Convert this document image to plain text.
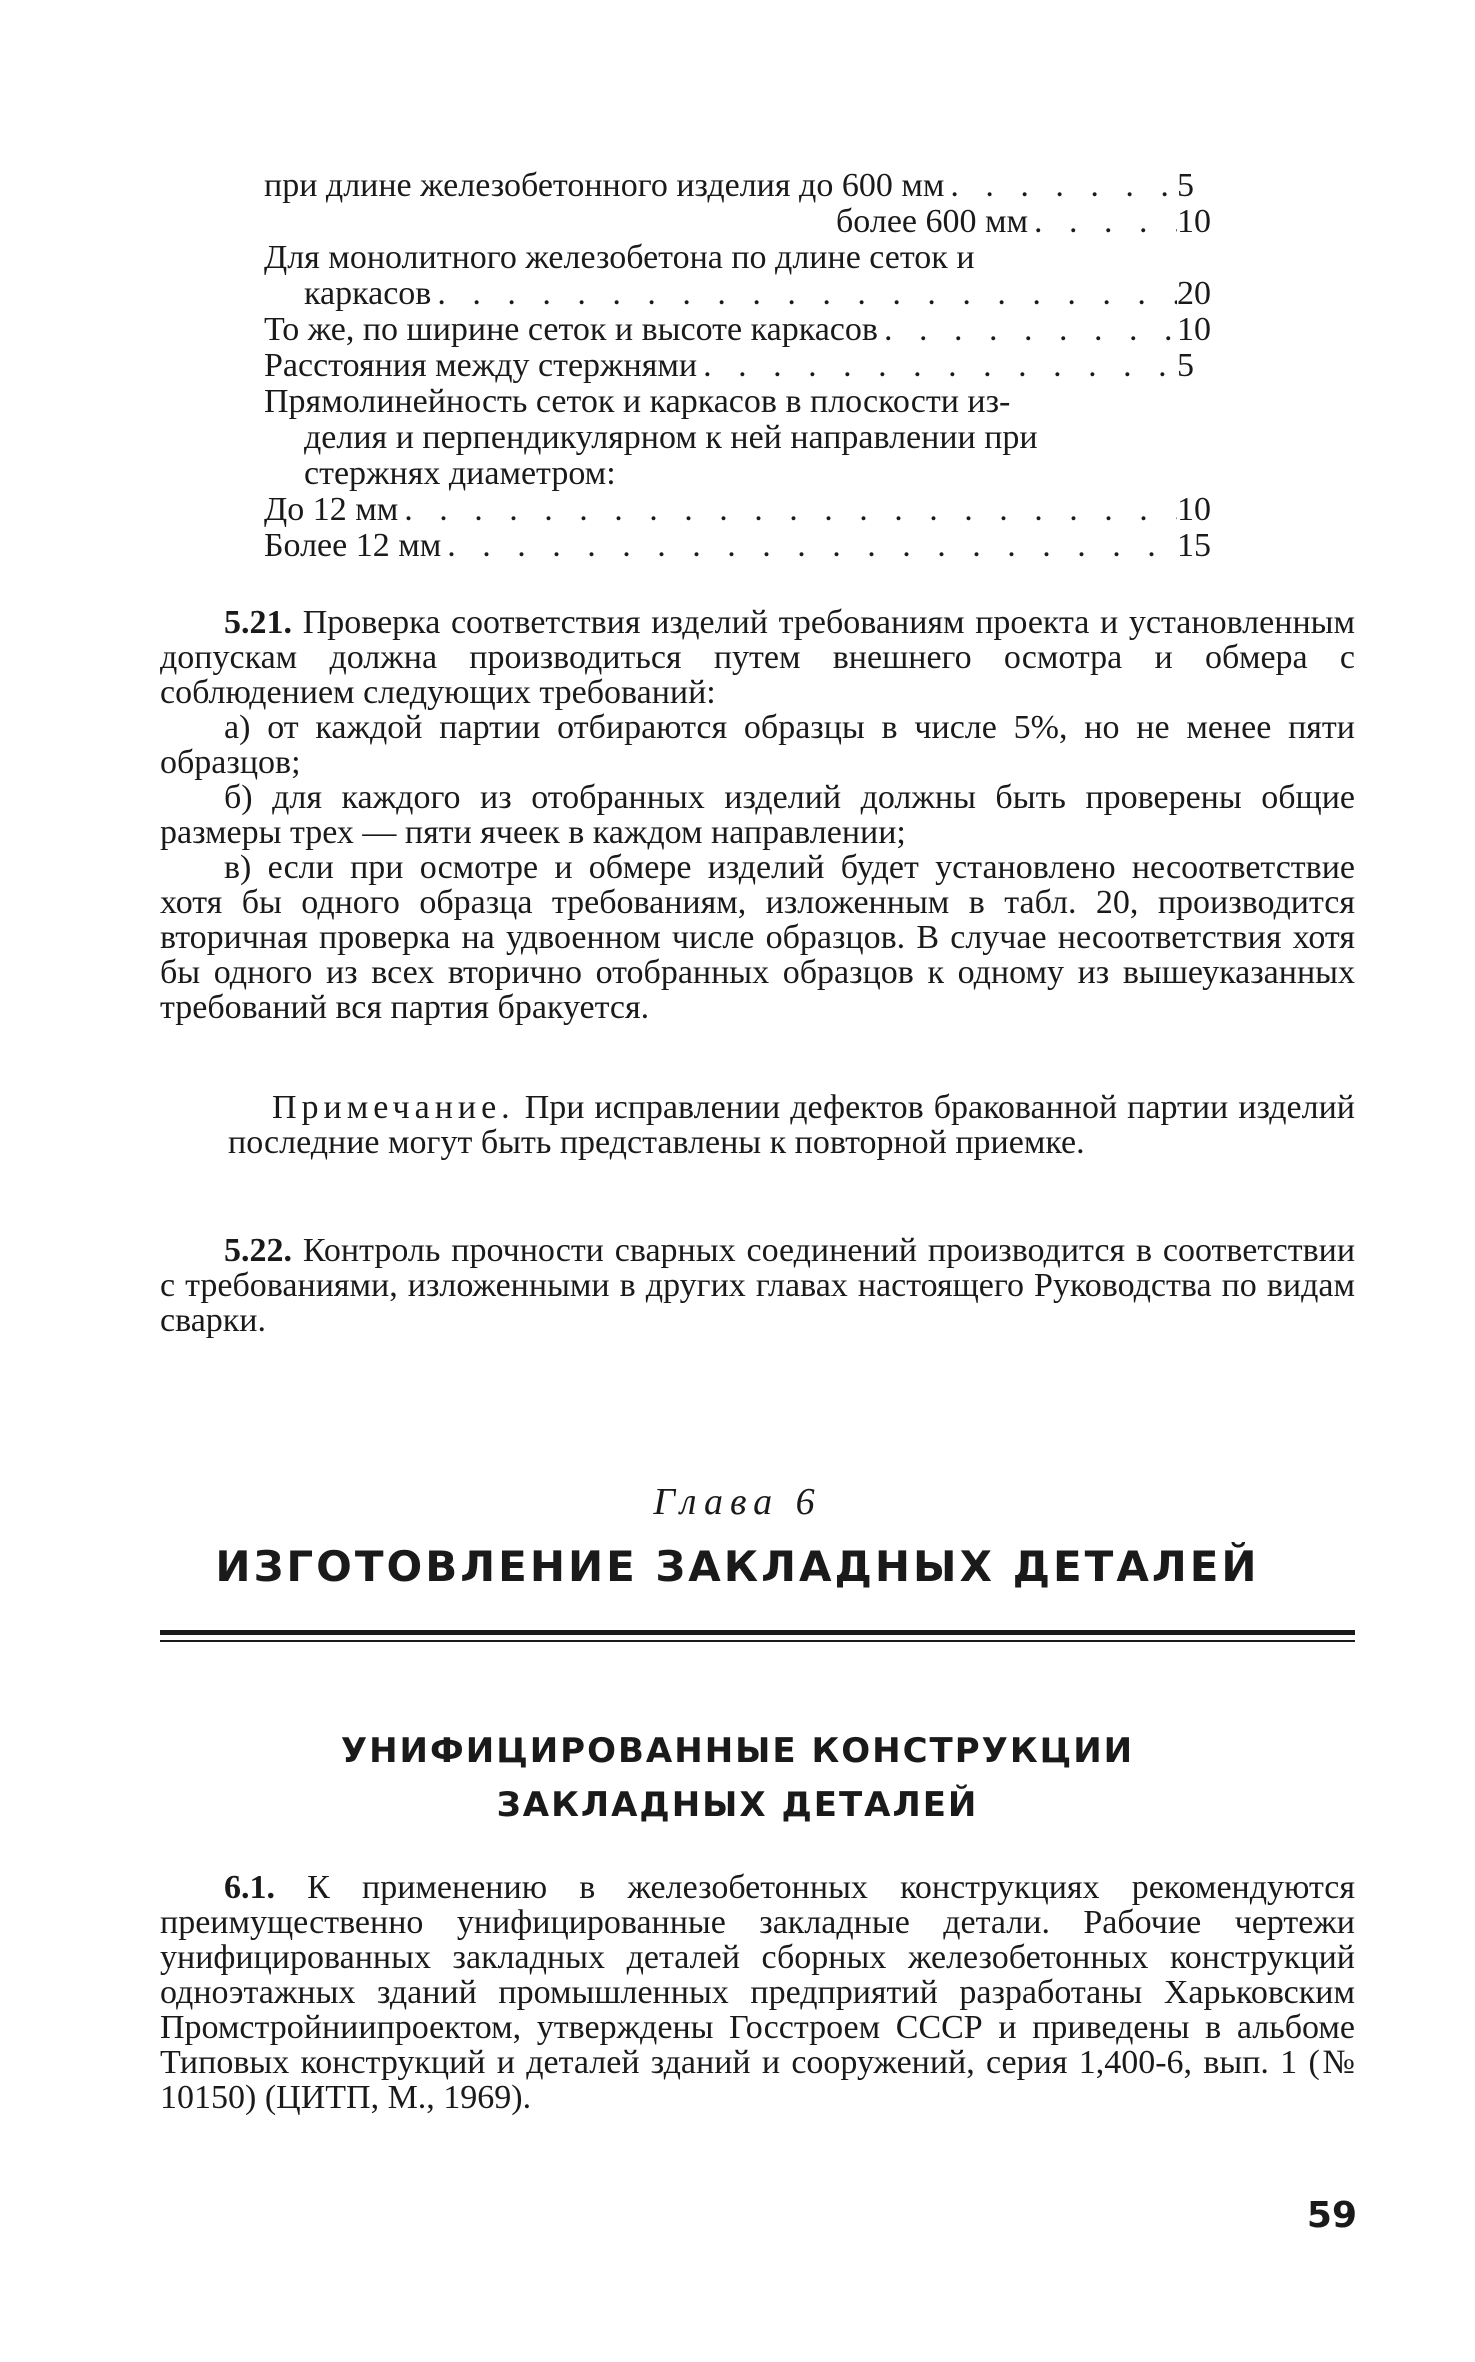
при длине железобетонного изделия до 600 мм . . .	5
более 600 мм . . .	10
Для монолитного железобетона по длине сеток и
каркасов . . .	20
То же, по ширине сеток и высоте каркасов . . .	10
Расстояния между стержнями . . .	5
Прямолинейность сеток и каркасов в плоскости из-
делия и перпендикулярном к ней направлении при
стержнях диаметром:
До 12 мм . . .	10
Более 12 мм . . .	15

5.21. Проверка соответствия изделий требованиям проекта и установленным допускам должна производиться путем внешнего осмотра и обмера с соблюдением следующих требований:

а) от каждой партии отбираются образцы в числе 5%, но не менее пяти образцов;

б) для каждого из отобранных изделий должны быть проверены общие размеры трех — пяти ячеек в каждом направлении;

в) если при осмотре и обмере изделий будет установлено несоответствие хотя бы одного образца требованиям, изложенным в табл. 20, производится вторичная проверка на удвоенном числе образцов. В случае несоответствия хотя бы одного из всех вторично отобранных образцов к одному из вышеуказанных требований вся партия бракуется.

Примечание. При исправлении дефектов бракованной партии изделий последние могут быть представлены к повторной приемке.

5.22. Контроль прочности сварных соединений производится в соответствии с требованиями, изложенными в других главах настоящего Руководства по видам сварки.

Глава 6
ИЗГОТОВЛЕНИЕ ЗАКЛАДНЫХ ДЕТАЛЕЙ
УНИФИЦИРОВАННЫЕ КОНСТРУКЦИИ
ЗАКЛАДНЫХ ДЕТАЛЕЙ

6.1. К применению в железобетонных конструкциях рекомендуются преимущественно унифицированные закладные детали. Рабочие чертежи унифицированных закладных деталей сборных железобетонных конструкций одноэтажных зданий промышленных предприятий разработаны Харьковским Промстройниипроектом, утверждены Госстроем СССР и приведены в альбоме Типовых конструкций и деталей зданий и сооружений, серия 1,400-6, вып. 1 (№ 10150) (ЦИТП, М., 1969).

59
